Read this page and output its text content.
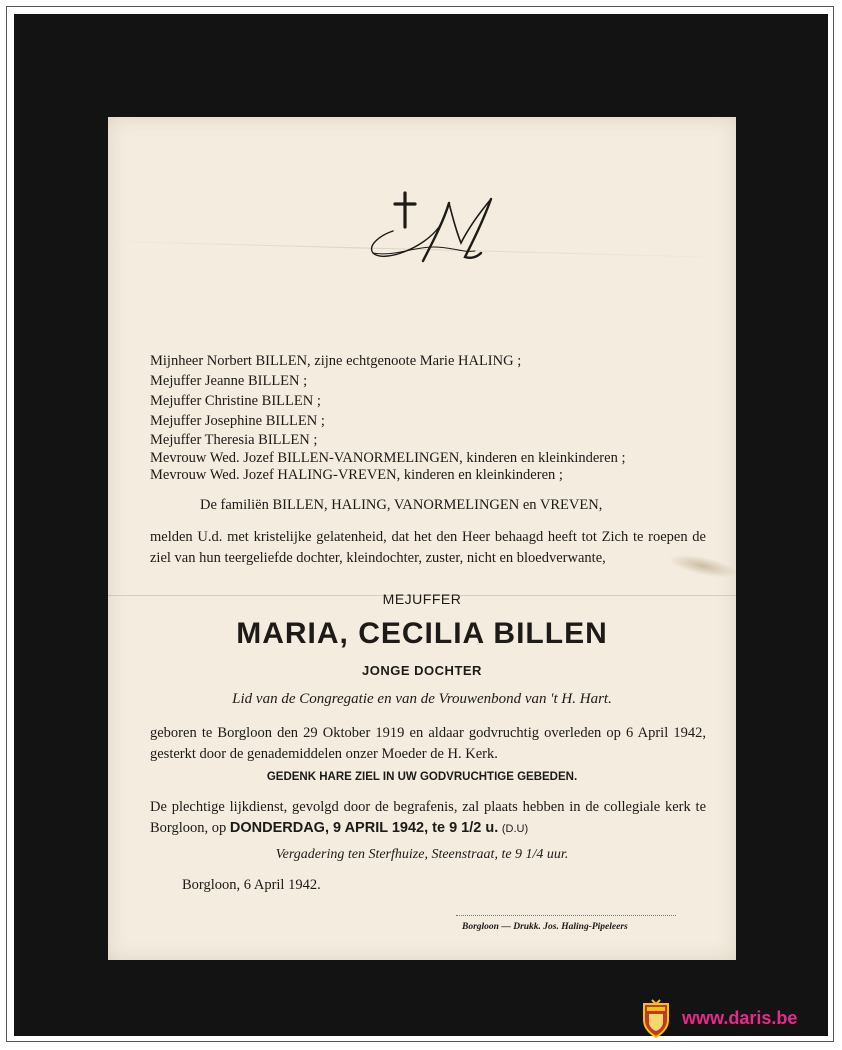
Mijnheer Norbert BILLEN, zijne echtgenoote Marie HALING ;
Mejuffer Jeanne BILLEN ;
Mejuffer Christine BILLEN ;
Mejuffer Josephine BILLEN ;
Mejuffer Theresia BILLEN ;
Mevrouw Wed. Jozef BILLEN-VANORMELINGEN, kinderen en kleinkinderen ;
Mevrouw Wed. Jozef HALING-VREVEN, kinderen en kleinkinderen ;
De familiën BILLEN, HALING, VANORMELINGEN en VREVEN,
melden U.d. met kristelijke gelatenheid, dat het den Heer behaagd heeft tot Zich te roepen de ziel van hun teergeliefde dochter, kleindochter, zuster, nicht en bloedverwante,
MEJUFFER
MARIA, CECILIA BILLEN
JONGE DOCHTER
Lid van de Congregatie en van de Vrouwenbond van 't H. Hart.
geboren te Borgloon den 29 Oktober 1919 en aldaar godvruchtig overleden op 6 April 1942, gesterkt door de genademiddelen onzer Moeder de H. Kerk.
GEDENK HARE ZIEL IN UW GODVRUCHTIGE GEBEDEN.
De plechtige lijkdienst, gevolgd door de begrafenis, zal plaats hebben in de collegiale kerk te Borgloon, op DONDERDAG, 9 APRIL 1942, te 9 1/2 u. (D.U)
Vergadering ten Sterfhuize, Steenstraat, te 9 1/4 uur.
Borgloon, 6 April 1942.
Borgloon — Drukk. Jos. Haling-Pipeleers
www.daris.be
